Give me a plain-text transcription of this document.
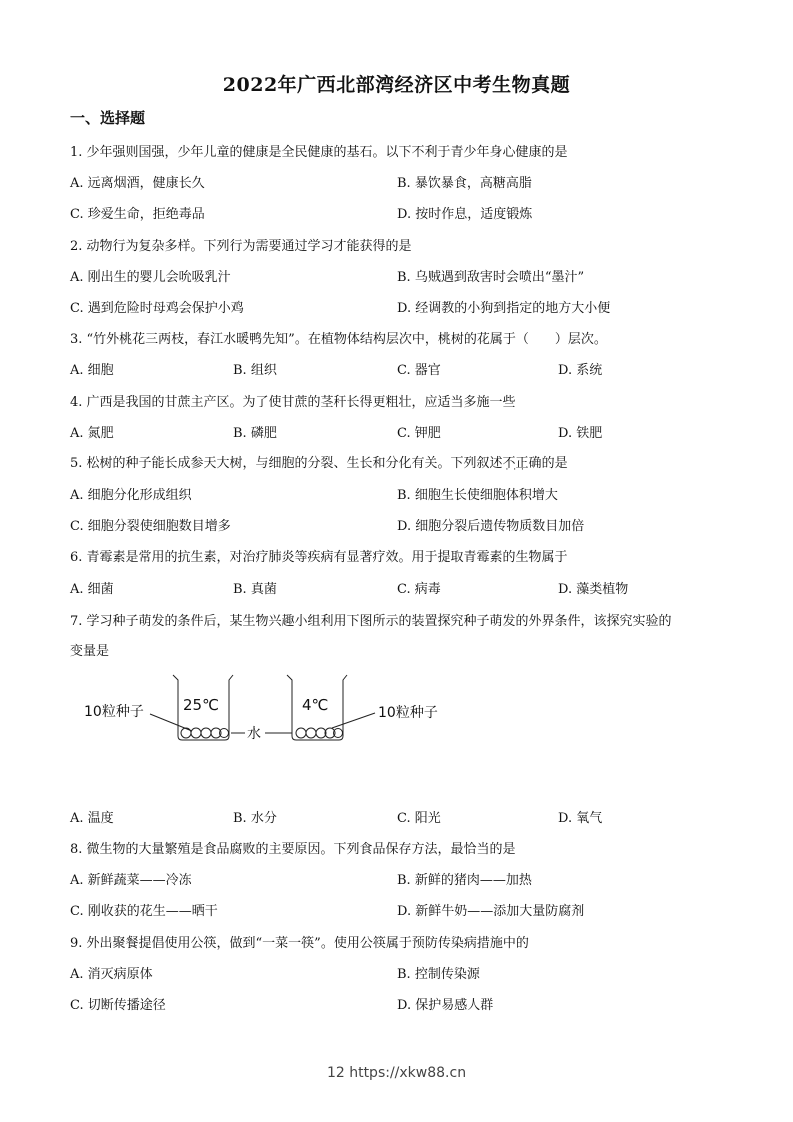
2022年广西北部湾经济区中考生物真题
一、选择题
1. 少年强则国强，少年儿童的健康是全民健康的基石。以下不利于青少年身心健康的是
A. 远离烟酒，健康长久	B. 暴饮暴食，高糖高脂
C. 珍爱生命，拒绝毒品	D. 按时作息，适度锻炼
2. 动物行为复杂多样。下列行为需要通过学习才能获得的是
A. 刚出生的婴儿会吮吸乳汁	B. 乌贼遇到敌害时会喷出“墨汁”
C. 遇到危险时母鸡会保护小鸡	D. 经调教的小狗到指定的地方大小便
3. “竹外桃花三两枝，春江水暖鸭先知”。在植物体结构层次中，桃树的花属于（　　）层次。
A. 细胞	B. 组织	C. 器官	D. 系统
4. 广西是我国的甘蔗主产区。为了使甘蔗的茎秆长得更粗壮，应适当多施一些
A. 氮肥	B. 磷肥	C. 钾肥	D. 铁肥
5. 松树的种子能长成参天大树，与细胞的分裂、生长和分化有关。下列叙述不正确 · · ·的是
A. 细胞分化形成组织	B. 细胞生长使细胞体积增大
C. 细胞分裂使细胞数目增多	D. 细胞分裂后遗传物质数目加倍
6. 青霉素是常用的抗生素，对治疗肺炎等疾病有显著疗效。用于提取青霉素的生物属于
A. 细菌	B. 真菌	C. 病毒	D. 藻类植物
7. 学习种子萌发的条件后，某生物兴趣小组利用下图所示的装置探究种子萌发的外界条件，该探究实验的
变量是
10粒种子	25℃
水
4℃	10粒种子
A. 温度	B. 水分	C. 阳光	D. 氧气
8. 微生物的大量繁殖是食品腐败的主要原因。下列食品保存方法，最恰当的是
A. 新鲜蔬菜——冷冻	B. 新鲜的猪肉——加热
C. 刚收获的花生——晒干	D. 新鲜牛奶——添加大量防腐剂
9. 外出聚餐提倡使用公筷，做到“一菜一筷”。使用公筷属于预防传染病措施中的
A. 消灭病原体	B. 控制传染源
C. 切断传播途径	D. 保护易感人群
12 https://xkw88.cn
